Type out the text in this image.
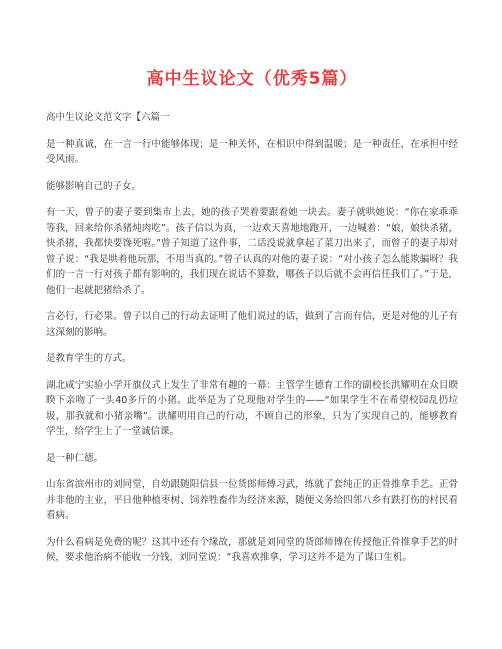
高中生议论文（优秀5篇）

高中生议论文范文字【六篇一

是一种真诚，在一言一行中能够体现；是一种关怀，在相识中得到温暖；是一种责任，在承担中经受风雨。

能够影响自己的子女。

有一天，曾子的妻子要到集市上去，她的孩子哭着要跟着她一块去。妻子就哄她说：“你在家乖乖等我，回来给你杀猪炖肉吃”。孩子信以为真，一边欢天喜地地跑开，一边喊着：“娘，娘快杀猪，快杀猪，我都快要馋死啦。”曾子知道了这件事，二话没说就拿起了菜刀出来了，而曾子的妻子却对曾子说：“我是哄着他玩那，不用当真的。”曾子认真的对他的妻子说：“对小孩子怎么能欺骗呀？我们的一言一行对孩子都有影响的，我们现在说话不算数，哪孩子以后就不会再信任我们了。”于是，他们一起就把猪给杀了。

言必行，行必果。曾子以自己的行动去证明了他们说过的话，做到了言而有信，更是对他的儿子有这深刻的影响。

是教育学生的方式。

湖北咸宁实验小学开旗仪式上发生了非常有趣的一幕：主管学生德育工作的副校长洪耀明在众目睽睽下亲吻了一头40多斤的小猪。此举是为了兑现他对学生的——“如果学生不在希望校园乱扔垃圾，那我就和小猪亲嘴”。洪耀明用自己的行动，不顾自己的形象，只为了实现自己的，能够教育学生，给学生上了一堂诚信课。

是一种仁德。

山东省滨州市的刘同堂，自幼跟随阳信县一位货郎师傅习武，练就了套纯正的正骨推拿手艺。正骨并非他的主业，平日他种植枣树、饲养牲畜作为经济来源，随便义务给四邻八乡有跌打伤的村民看看病。

为什么看病是免费的呢？这其中还有个缘故，那就是刘同堂的货郎师傅在传授他正骨推拿手艺的时候，要求他治病不能收一分钱，刘同堂说：“我喜欢推拿，学习这并不是为了谋口生机。
